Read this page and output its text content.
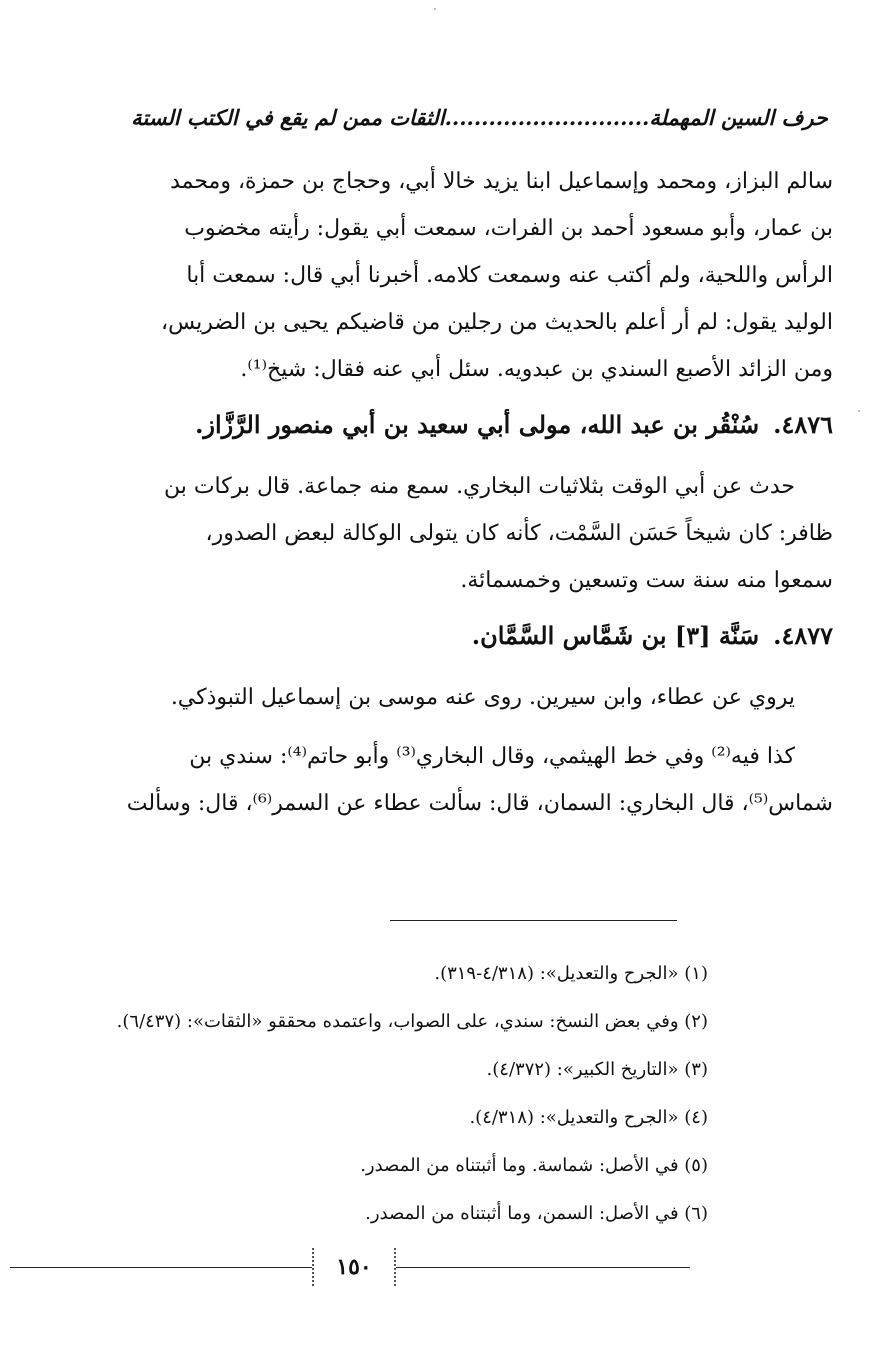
حرف السين المهملة............................الثقات ممن لم يقع في الكتب الستة

سالم البزاز، ومحمد وإسماعيل ابنا يزيد خالا أبي، وحجاج بن حمزة، ومحمد

بن عمار، وأبو مسعود أحمد بن الفرات، سمعت أبي يقول: رأيته مخضوب

الرأس واللحية، ولم أكتب عنه وسمعت كلامه. أخبرنا أبي قال: سمعت أبا

الوليد يقول: لم أر أعلم بالحديث من رجلين من قاضيكم يحيى بن الضريس،

ومن الزائد الأصبع السندي بن عبدويه. سئل أبي عنه فقال: شيخ⁽¹⁾.

٤٨٧٦.سُنْقُر بن عبد الله، مولى أبي سعيد بن أبي منصور الرَّزَّاز.

حدث عن أبي الوقت بثلاثيات البخاري. سمع منه جماعة. قال بركات بن

ظافر: كان شيخاً حَسَن السَّمْت، كأنه كان يتولى الوكالة لبعض الصدور،

سمعوا منه سنة ست وتسعين وخمسمائة.

٤٨٧٧.سَنَّة [٣] بن شَمَّاس السَّمَّان.

يروي عن عطاء، وابن سيرين. روى عنه موسى بن إسماعيل التبوذكي.

كذا فيه⁽²⁾ وفي خط الهيثمي، وقال البخاري⁽³⁾ وأبو حاتم⁽⁴⁾: سندي بن

شماس⁽⁵⁾، قال البخاري: السمان، قال: سألت عطاء عن السمر⁽⁶⁾، قال: وسألت

(١) «الجرح والتعديل»: (٤/٣١٨-٣١٩).

(٢) وفي بعض النسخ: سندي، على الصواب، واعتمده محققو «الثقات»: (٦/٤٣٧).

(٣) «التاريخ الكبير»: (٤/٣٧٢).

(٤) «الجرح والتعديل»: (٤/٣١٨).

(٥) في الأصل: شماسة. وما أثبتناه من المصدر.

(٦) في الأصل: السمن، وما أثبتناه من المصدر.

١٥٠
